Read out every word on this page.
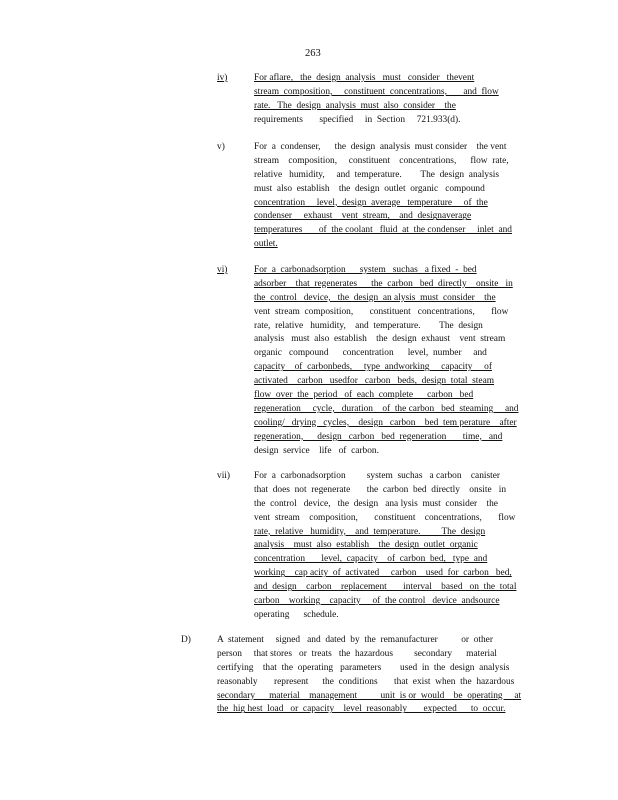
263
iv)	For aflare,   the  design  analysis   must   consider   thevent
stream  composition,     constituent  concentrations,       and  flow
rate.   The  design  analysis  must  also  consider    the
requirements       specified     in  Section     721.933(d).
v)	For  a  condenser,      the  design  analysis  must consider    the vent
stream    composition,     constituent    concentrations,      flow  rate,
relative   humidity,     and  temperature.        The  design  analysis
must  also  establish    the  design  outlet  organic   compound
concentration     level,  design  average   temperature     of  the
condenser     exhaust    vent  stream,    and  designaverage
temperatures       of  the coolant   fluid  at  the condenser     inlet  and
outlet.
vi)	For  a  carbonadsorption      system   suchas   a fixed  -  bed
adsorber    that  regenerates      the  carbon   bed  directly    onsite   in
the  control   device,   the  design  an alysis  must  consider    the
vent  stream  composition,       constituent   concentrations,       flow
rate,  relative   humidity,    and  temperature.        The  design
analysis   must  also  establish    the  design  exhaust    vent  stream
organic   compound      concentration      level,  number     and
capacity    of  carbonbeds,     type  andworking     capacity     of
activated    carbon   usedfor   carbon   beds,  design  total  steam
flow  over  the  period   of  each  complete      carbon   bed
regeneration     cycle,   duration    of  the carbon   bed  steaming     and
cooling/   drying   cycles,    design   carbon    bed  tem perature    after
regeneration,      design   carbon   bed  regeneration       time,   and
design  service    life   of  carbon.
vii)	For  a  carbonadsorption         system  suchas   a carbon    canister
that  does  not  regenerate       the  carbon  bed  directly    onsite   in
the  control   device,   the  design   ana lysis  must  consider    the
vent  stream    composition,       constituent    concentrations,       flow
rate,  relative   humidity,    and  temperature.         The  design
analysis    must  also  establish    the  design  outlet  organic
concentration       level,  capacity    of  carbon  bed,   type  and
working    cap acity  of  activated     carbon    used  for  carbon   bed,
and  design    carbon    replacement       interval    based   on  the  total
carbon    working    capacity     of  the control   device  andsource
operating      schedule.
D)	A  statement     signed   and  dated  by  the  remanufacturer          or  other
person     that stores   or  treats   the  hazardous         secondary      material
certifying    that  the  operating   parameters        used  in  the  design  analysis
reasonably       represent      the  conditions       that  exist  when  the  hazardous
secondary      material    management          unit  is or  would    be  operating     at
the  hig hest  load   or  capacity    level  reasonably       expected      to  occur.
